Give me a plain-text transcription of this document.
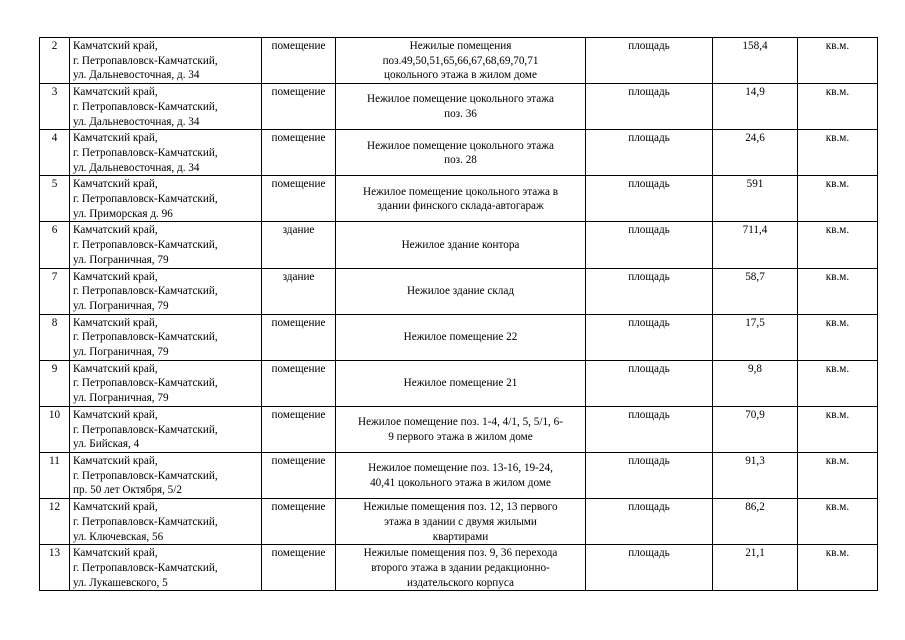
2	Камчатский край,
г. Петропавловск-Камчатский,
ул. Дальневосточная, д. 34	помещение	Нежилые помещения
поз.49,50,51,65,66,67,68,69,70,71
цокольного этажа в жилом доме	площадь	158,4	кв.м.
3	Камчатский край,
г. Петропавловск-Камчатский,
ул. Дальневосточная, д. 34	помещение	Нежилое помещение цокольного этажа
поз. 36	площадь	14,9	кв.м.
4	Камчатский край,
г. Петропавловск-Камчатский,
ул. Дальневосточная, д. 34	помещение	Нежилое помещение цокольного этажа
поз. 28	площадь	24,6	кв.м.
5	Камчатский край,
г. Петропавловск-Камчатский,
ул. Приморская д. 96	помещение	Нежилое помещение цокольного этажа в
здании финского склада-автогараж	площадь	591	кв.м.
6	Камчатский край,
г. Петропавловск-Камчатский,
ул. Пограничная, 79	здание	Нежилое здание контора	площадь	711,4	кв.м.
7	Камчатский край,
г. Петропавловск-Камчатский,
ул. Пограничная, 79	здание	Нежилое здание склад	площадь	58,7	кв.м.
8	Камчатский край,
г. Петропавловск-Камчатский,
ул. Пограничная, 79	помещение	Нежилое помещение 22	площадь	17,5	кв.м.
9	Камчатский край,
г. Петропавловск-Камчатский,
ул. Пограничная, 79	помещение	Нежилое помещение 21	площадь	9,8	кв.м.
10	Камчатский край,
г. Петропавловск-Камчатский,
ул. Бийская, 4	помещение	Нежилое помещение поз. 1-4, 4/1, 5, 5/1, 6-
9 первого этажа в жилом доме	площадь	70,9	кв.м.
11	Камчатский край,
г. Петропавловск-Камчатский,
пр. 50 лет Октября, 5/2	помещение	Нежилое помещение поз. 13-16, 19-24,
40,41 цокольного этажа в жилом доме	площадь	91,3	кв.м.
12	Камчатский край,
г. Петропавловск-Камчатский,
ул. Ключевская, 56	помещение	Нежилые помещения поз. 12, 13 первого
этажа в здании с двумя жилыми
квартирами	площадь	86,2	кв.м.
13	Камчатский край,
г. Петропавловск-Камчатский,
ул. Лукашевского, 5	помещение	Нежилые помещения поз. 9, 36 перехода
второго этажа в здании редакционно-
издательского корпуса	площадь	21,1	кв.м.
